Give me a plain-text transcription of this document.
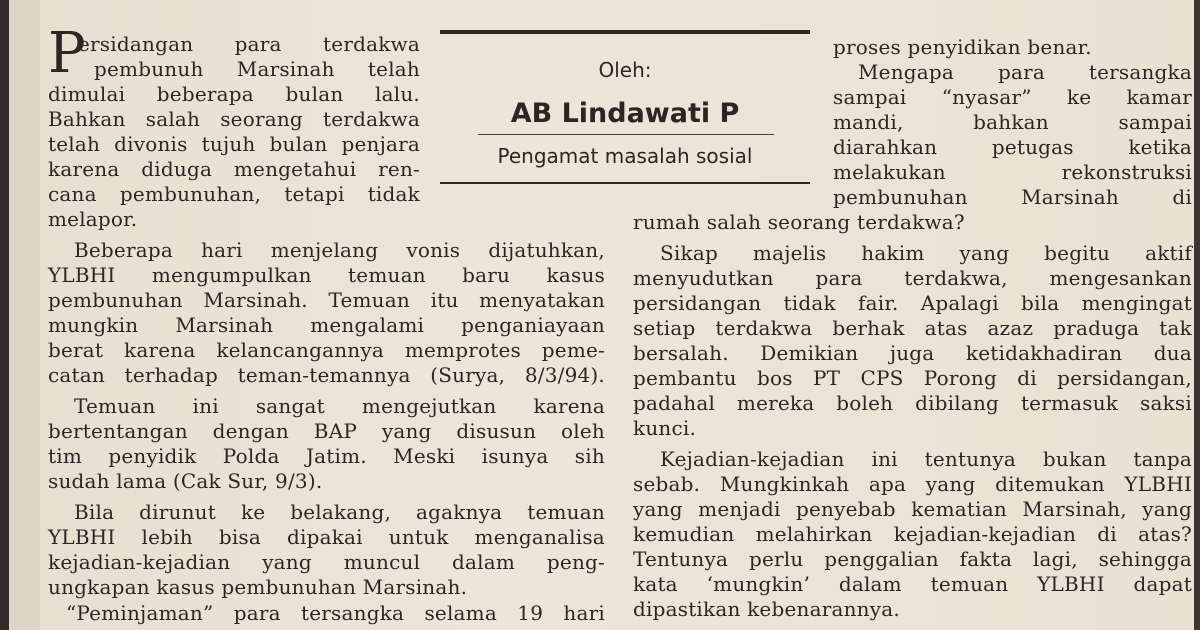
P	Oleh:
AB Lindawati P
Pengamat masalah sosial
ersidangan para terdakwa
pembunuh Marsinah telah
dimulai beberapa bulan lalu.
Bahkan salah seorang terdakwa
telah divonis tujuh bulan penjara
karena diduga mengetahui ren-
cana pembunuhan, tetapi tidak
melapor.
Beberapa hari menjelang vonis dijatuhkan,
YLBHI mengumpulkan temuan baru kasus
pembunuhan Marsinah. Temuan itu menyatakan
mungkin Marsinah mengalami penganiayaan
berat karena kelancangannya memprotes peme-
catan terhadap teman-temannya (Surya, 8/3/94).
Temuan ini sangat mengejutkan karena
bertentangan dengan BAP yang disusun oleh
tim penyidik Polda Jatim. Meski isunya sih
sudah lama (Cak Sur, 9/3).
Bila dirunut ke belakang, agaknya temuan
YLBHI lebih bisa dipakai untuk menganalisa
kejadian-kejadian yang muncul dalam peng-
ungkapan kasus pembunuhan Marsinah.
“Peminjaman” para tersangka selama 19 hari
proses penyidikan benar.
Mengapa para tersangka
sampai “nyasar” ke kamar
mandi,	bahkan	sampai
diarahkan	petugas	ketika
melakukan	rekonstruksi
pembunuhan	Marsinah	di
rumah salah seorang terdakwa?
Sikap majelis hakim yang begitu aktif
menyudutkan para terdakwa, mengesankan
persidangan tidak fair. Apalagi bila mengingat
setiap terdakwa berhak atas azaz praduga tak
bersalah. Demikian juga ketidakhadiran dua
pembantu bos PT CPS Porong di persidangan,
padahal mereka boleh dibilang termasuk saksi
kunci.
Kejadian-kejadian ini tentunya bukan tanpa
sebab. Mungkinkah apa yang ditemukan YLBHI
yang menjadi penyebab kematian Marsinah, yang
kemudian melahirkan kejadian-kejadian di atas?
Tentunya perlu penggalian fakta lagi, sehingga
kata ‘mungkin’ dalam temuan YLBHI dapat
dipastikan kebenarannya.
